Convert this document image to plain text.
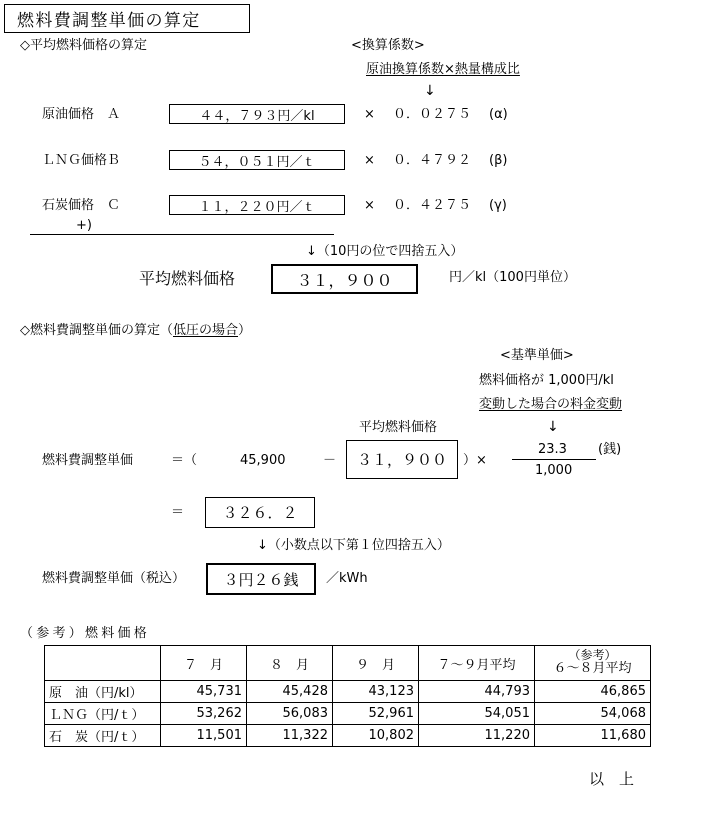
燃料費調整単価の算定
◇平均燃料価格の算定	<換算係数>
原油換算係数×熱量構成比
↓
原油価格　Ａ	４４，７９３円／kl	× ０．０２７５ (α)
ＬＮＧ価格Ｂ	５４，０５１円／ｔ	× ０．４７９２ (β)
石炭価格　Ｃ	１１，２２０円／ｔ	× ０．４２７５ (γ)
+)
↓（10円の位で四捨五入）
平均燃料価格	３１，９００	円／kl（100円単位）
◇燃料費調整単価の算定（低圧の場合）
<基準単価>
燃料価格が 1,000円/kl
変動した場合の料金変動
↓
平均燃料価格
燃料費調整単価	＝（	45,900	－ ３１，９００ ）×
23.3
1,000
(銭)
＝	３２６．２
↓（小数点以下第１位四捨五入）
燃料費調整単価（税込）	３円２６銭 ／kWh
（参考）燃料価格
	７　月	８　月	９　月	７～９月平均	（参考）
６～８月平均

原　油（円/kl）	45,731	45,428	43,123	44,793	46,865
ＬＮＧ（円/ｔ）	53,262	56,083	52,961	54,051	54,068
石　炭（円/ｔ）	11,501	11,322	10,802	11,220	11,680
以　上
